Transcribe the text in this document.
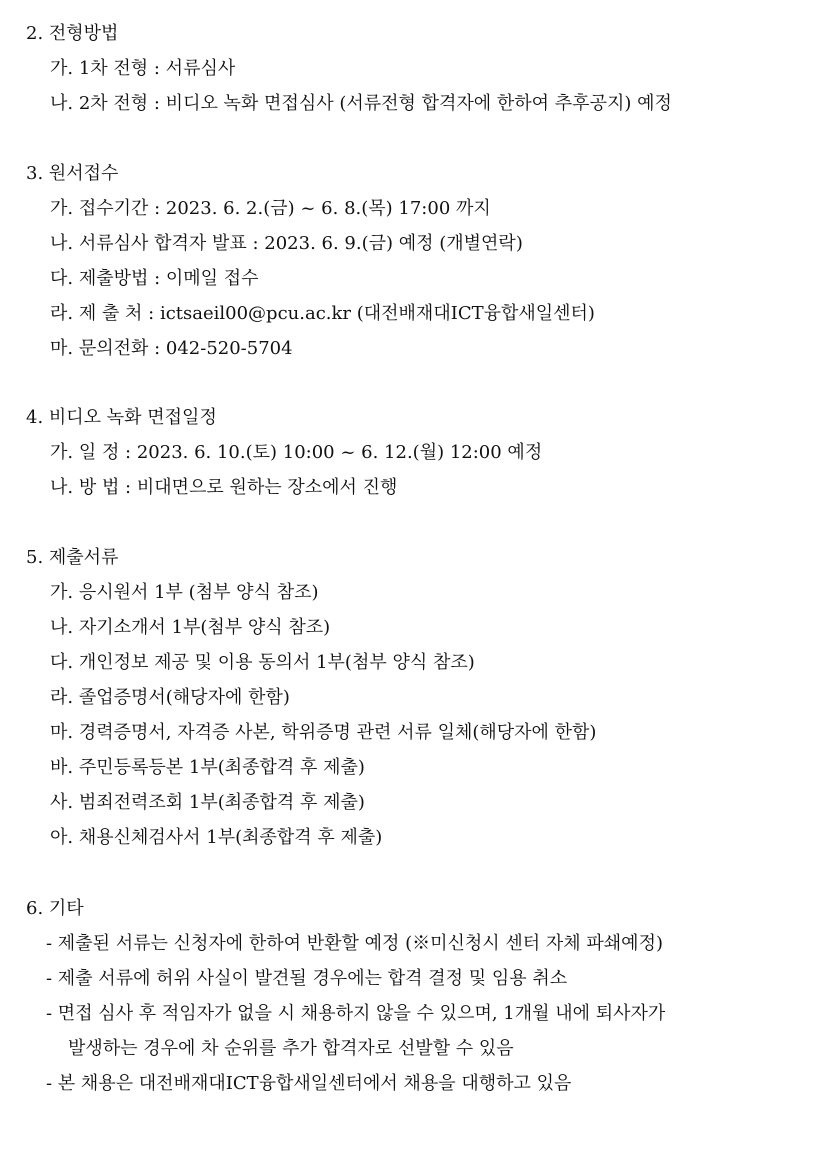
2. 전형방법
가. 1차 전형 : 서류심사
나. 2차 전형 : 비디오 녹화 면접심사 (서류전형 합격자에 한하여 추후공지) 예정
3. 원서접수
가. 접수기간 : 2023. 6. 2.(금) ~ 6. 8.(목) 17:00 까지
나. 서류심사 합격자 발표 : 2023. 6. 9.(금) 예정 (개별연락)
다. 제출방법 : 이메일 접수
라. 제 출 처 : ictsaeil00@pcu.ac.kr (대전배재대ICT융합새일센터)
마. 문의전화 : 042-520-5704
4. 비디오 녹화 면접일정
가. 일 정 : 2023. 6. 10.(토) 10:00 ~ 6. 12.(월) 12:00 예정
나. 방 법 : 비대면으로 원하는 장소에서 진행
5. 제출서류
가. 응시원서 1부 (첨부 양식 참조)
나. 자기소개서 1부(첨부 양식 참조)
다. 개인정보 제공 및 이용 동의서 1부(첨부 양식 참조)
라. 졸업증명서(해당자에 한함)
마. 경력증명서, 자격증 사본, 학위증명 관련 서류 일체(해당자에 한함)
바. 주민등록등본 1부(최종합격 후 제출)
사. 범죄전력조회 1부(최종합격 후 제출)
아. 채용신체검사서 1부(최종합격 후 제출)
6. 기타
- 제출된 서류는 신청자에 한하여 반환할 예정 (※미신청시 센터 자체 파쇄예정)
- 제출 서류에 허위 사실이 발견될 경우에는 합격 결정 및 임용 취소
- 면접 심사 후 적임자가 없을 시 채용하지 않을 수 있으며, 1개월 내에 퇴사자가
발생하는 경우에 차 순위를 추가 합격자로 선발할 수 있음
- 본 채용은 대전배재대ICT융합새일센터에서 채용을 대행하고 있음
